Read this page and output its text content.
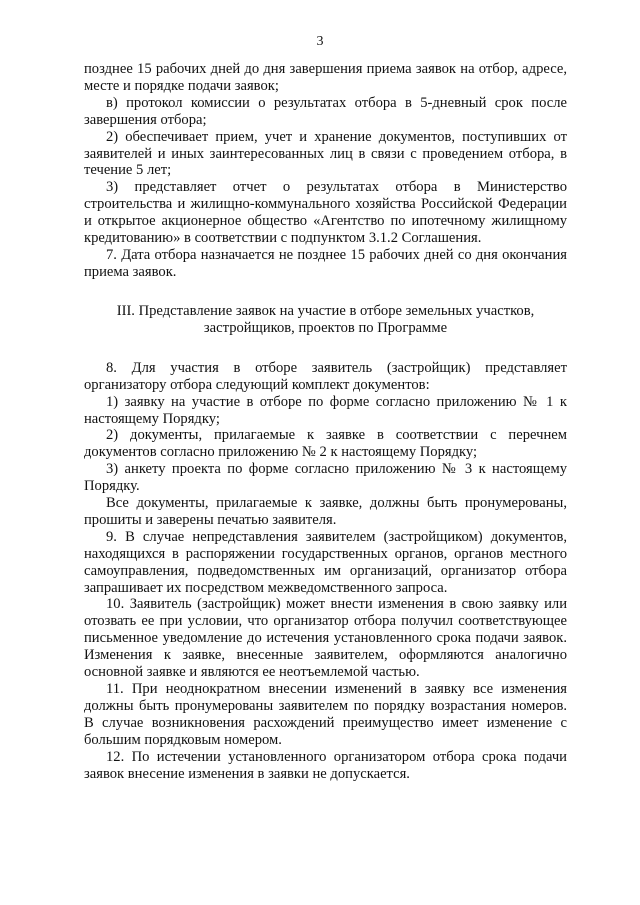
3

позднее 15 рабочих дней до дня завершения приема заявок на отбор, адресе, месте и порядке подачи заявок;

в) протокол комиссии о результатах отбора в 5-дневный срок после завершения отбора;

2) обеспечивает прием, учет и хранение документов, поступивших от заявителей и иных заинтересованных лиц в связи с проведением отбора, в течение 5 лет;

3) представляет отчет о результатах отбора в Министерство строительства и жилищно-коммунального хозяйства Российской Федерации и открытое акционерное общество «Агентство по ипотечному жилищному кредитованию» в соответствии с подпунктом 3.1.2 Соглашения.

7. Дата отбора назначается не позднее 15 рабочих дней со дня окончания приема заявок.

III. Представление заявок на участие в отборе земельных участков,
застройщиков, проектов по Программе

8. Для участия в отборе заявитель (застройщик) представляет организатору отбора следующий комплект документов:

1) заявку на участие в отборе по форме согласно приложению № 1 к настоящему Порядку;

2) документы, прилагаемые к заявке в соответствии с перечнем документов согласно приложению № 2 к настоящему Порядку;

3) анкету проекта по форме согласно приложению № 3 к настоящему Порядку.

Все документы, прилагаемые к заявке, должны быть пронумерованы, прошиты и заверены печатью заявителя.

9. В случае непредставления заявителем (застройщиком) документов, находящихся в распоряжении государственных органов, органов местного самоуправления, подведомственных им организаций, организатор отбора запрашивает их посредством межведомственного запроса.

10. Заявитель (застройщик) может внести изменения в свою заявку или отозвать ее при условии, что организатор отбора получил соответствующее письменное уведомление до истечения установленного срока подачи заявок. Изменения к заявке, внесенные заявителем, оформляются аналогично основной заявке и являются ее неотъемлемой частью.

11. При неоднократном внесении изменений в заявку все изменения должны быть пронумерованы заявителем по порядку возрастания номеров. В случае возникновения расхождений преимущество имеет изменение с большим порядковым номером.

12. По истечении установленного организатором отбора срока подачи заявок внесение изменения в заявки не допускается.
